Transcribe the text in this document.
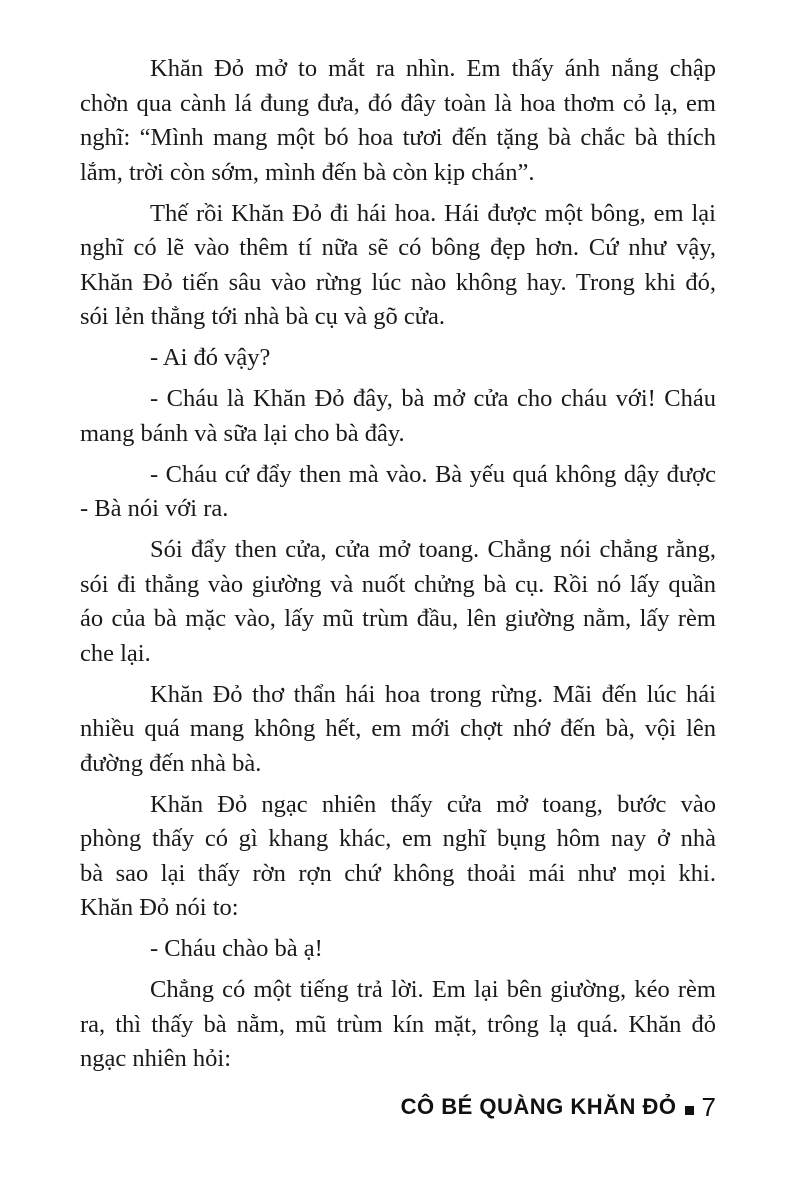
Khăn Đỏ mở to mắt ra nhìn. Em thấy ánh nắng chập
chờn qua cành lá đung đưa, đó đây toàn là hoa thơm cỏ lạ, em
nghĩ: “Mình mang một bó hoa tươi đến tặng bà chắc bà thích
lắm, trời còn sớm, mình đến bà còn kịp chán”.

Thế rồi Khăn Đỏ đi hái hoa. Hái được một bông, em lại
nghĩ có lẽ vào thêm tí nữa sẽ có bông đẹp hơn. Cứ như vậy,
Khăn Đỏ tiến sâu vào rừng lúc nào không hay. Trong khi đó,
sói lẻn thẳng tới nhà bà cụ và gõ cửa.

- Ai đó vậy?

- Cháu là Khăn Đỏ đây, bà mở cửa cho cháu với! Cháu
mang bánh và sữa lại cho bà đây.

- Cháu cứ đẩy then mà vào. Bà yếu quá không dậy được
- Bà nói với ra.

Sói đẩy then cửa, cửa mở toang. Chẳng nói chẳng rằng,
sói đi thẳng vào giường và nuốt chửng bà cụ. Rồi nó lấy quần
áo của bà mặc vào, lấy mũ trùm đầu, lên giường nằm, lấy rèm
che lại.

Khăn Đỏ thơ thẩn hái hoa trong rừng. Mãi đến lúc hái
nhiều quá mang không hết, em mới chợt nhớ đến bà, vội lên
đường đến nhà bà.

Khăn Đỏ ngạc nhiên thấy cửa mở toang, bước vào
phòng thấy có gì khang khác, em nghĩ bụng hôm nay ở nhà
bà sao lại thấy rờn rợn chứ không thoải mái như mọi khi.
Khăn Đỏ nói to:

- Cháu chào bà ạ!

Chẳng có một tiếng trả lời. Em lại bên giường, kéo rèm
ra, thì thấy bà nằm, mũ trùm kín mặt, trông lạ quá. Khăn đỏ
ngạc nhiên hỏi:

CÔ BÉ QUÀNG KHĂN ĐỎ 7
